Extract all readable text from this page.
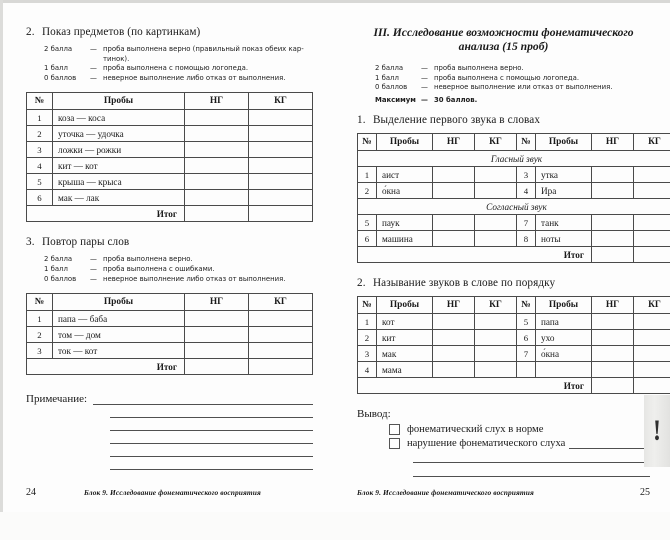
2. Показ предметов (по картинкам)
2 балла	— проба выполнена верно (правильный показ обеих кар-
тинок).
1 балл	— проба выполнена с помощью логопеда.
0 баллов	— неверное выполнение либо отказ от выполнения.
№	Пробы	НГ	КГ
1	коза — коса		
2	уточка — удочка		
3	ложки — рожки		
4	кит — кот		
5	крыша — крыса		
6	мак — лак		
Итог			
3. Повтор пары слов
2 балла	— проба выполнена верно.
1 балл	— проба выполнена с ошибками.
0 баллов	— неверное выполнение либо отказ от выполнения.
№	Пробы	НГ	КГ
1	папа — баба		
2	том — дом		
3	ток — кот		
Итог			
Примечание:
24	Блок 9. Исследование фонематического восприятия
III. Исследование возможности фонематического
анализа (15 проб)
2 балла	— проба выполнена верно.
1 балл	— проба выполнена с помощью логопеда.
0 баллов	— неверное выполнение или отказ от выполнения.
Максимум — 30 баллов.
1. Выделение первого звука в словах
№	Пробы	НГ	КГ	№	Пробы	НГ	КГ
Гласный звук							
1	аист			3	утка		
2	о́кна			4	Ира		
Согласный звук							
5	паук			7	танк		
6	машина			8	ноты		
Итог							
2. Называние звуков в слове по порядку
№	Пробы	НГ	КГ	№	Пробы	НГ	КГ
1	кот			5	папа		
2	кит			6	ухо		
3	мак			7	о́кна		
4	мама						
Итог							
Вывод:
фонематический слух в норме
нарушение фонематического слуха
Блок 9. Исследование фонематического восприятия	25
!
